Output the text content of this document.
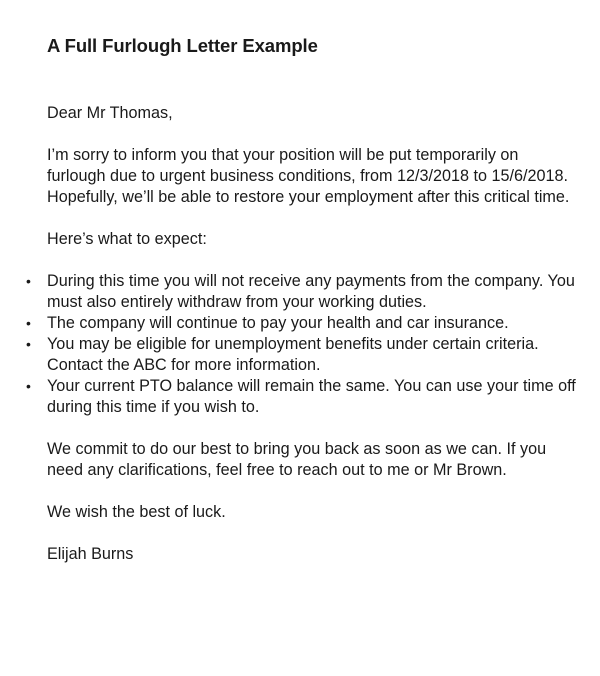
A Full Furlough Letter Example

Dear Mr Thomas,

I’m sorry to inform you that your position will be put temporarily on furlough due to urgent business conditions, from 12/3/2018 to 15/6/2018. Hopefully, we’ll be able to restore your employment after this critical time.

Here’s what to expect:

• During this time you will not receive any payments from the company. You must also entirely withdraw from your working duties.
• The company will continue to pay your health and car insurance.
• You may be eligible for unemployment benefits under certain criteria. Contact the ABC for more information.
• Your current PTO balance will remain the same. You can use your time off during this time if you wish to.

We commit to do our best to bring you back as soon as we can. If you need any clarifications, feel free to reach out to me or Mr Brown.

We wish the best of luck.

Elijah Burns
